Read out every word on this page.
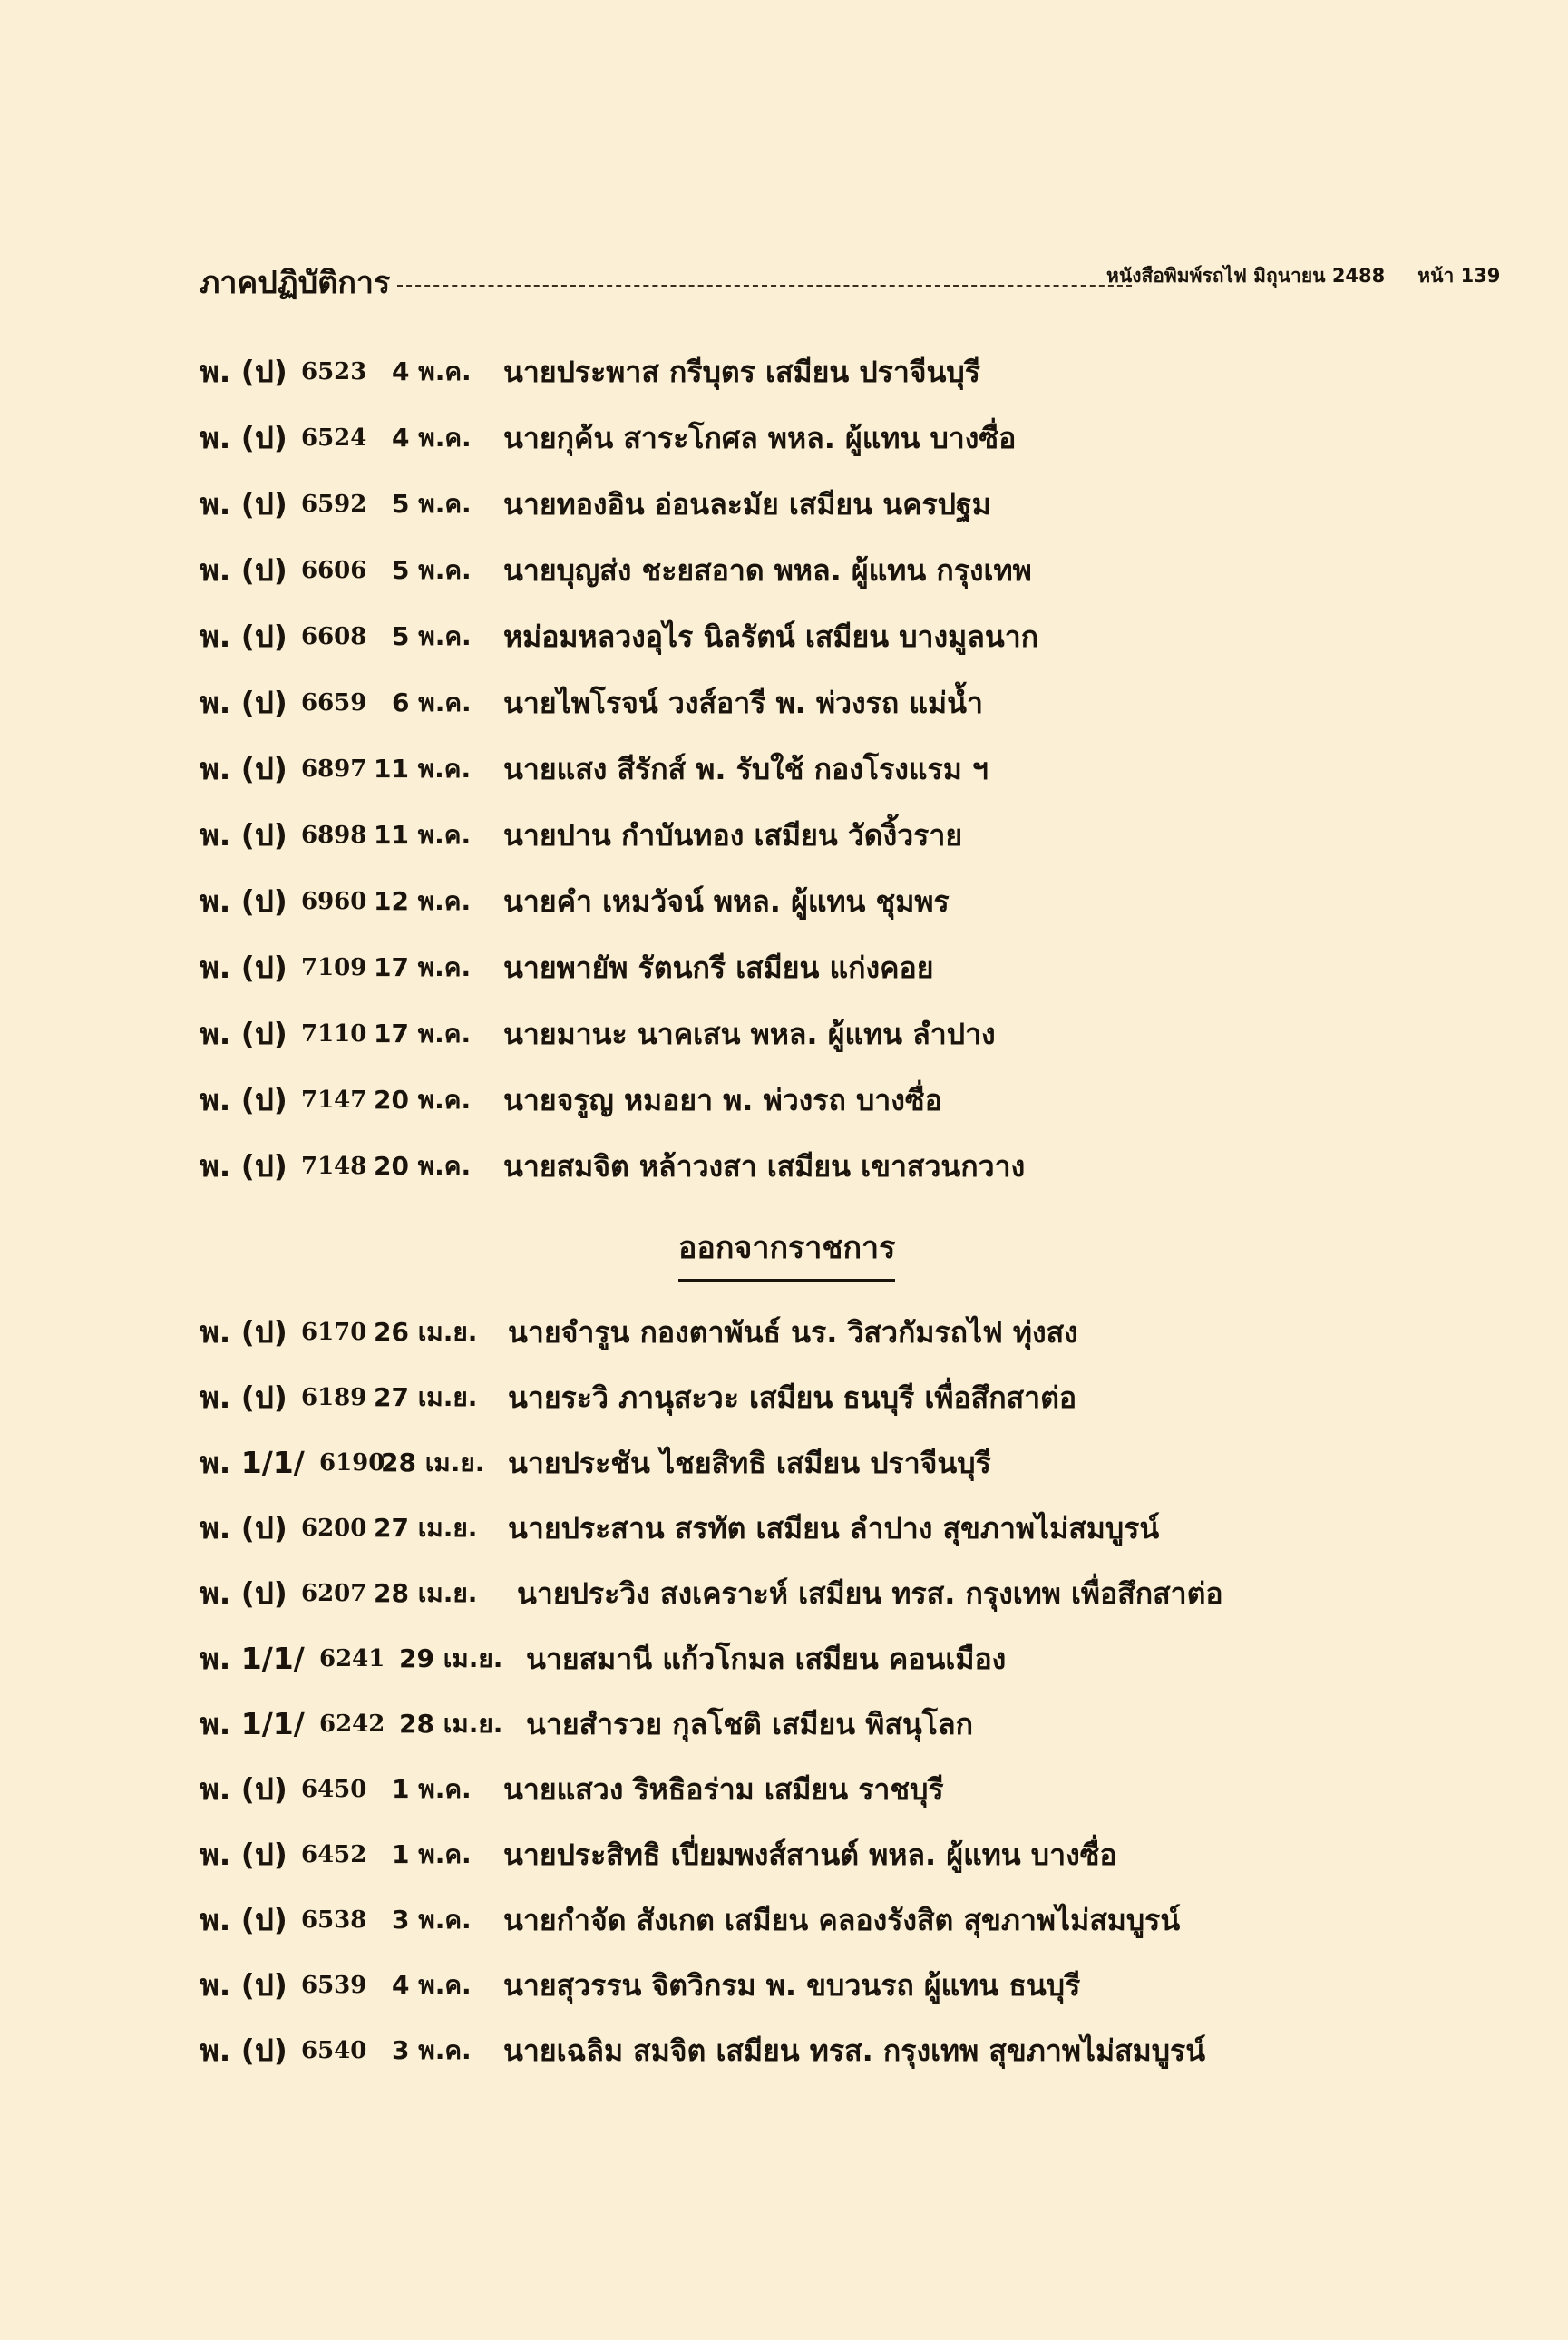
ภาคปฏิบัติการ	หนังสือพิมพ์รถไฟ มิถุนายน 2488 หน้า 139
พ. (ป) 6523 4 พ.ค. นายประพาส กรีบุตร เสมียน ปราจีนบุรี
พ. (ป) 6524 4 พ.ค. นายกุค้น สาระโกศล พหล. ผู้แทน บางซื่อ
พ. (ป) 6592 5 พ.ค. นายทองอิน อ่อนละมัย เสมียน นครปฐม
พ. (ป) 6606 5 พ.ค. นายบุญส่ง ชะยสอาด พหล. ผู้แทน กรุงเทพ
พ. (ป) 6608 5 พ.ค. หม่อมหลวงอุไร นิลรัตน์ เสมียน บางมูลนาก
พ. (ป) 6659 6 พ.ค. นายไพโรจน์ วงส์อารี พ. พ่วงรถ แม่น้ำ
พ. (ป) 6897 11 พ.ค. นายแสง สีรักส์ พ. รับใช้ กองโรงแรม ฯ
พ. (ป) 6898 11 พ.ค. นายปาน กำบันทอง เสมียน วัดงิ้วราย
พ. (ป) 6960 12 พ.ค. นายคำ เหมวัจน์ พหล. ผู้แทน ชุมพร
พ. (ป) 7109 17 พ.ค. นายพายัพ รัตนกรี เสมียน แก่งคอย
พ. (ป) 7110 17 พ.ค. นายมานะ นาคเสน พหล. ผู้แทน ลำปาง
พ. (ป) 7147 20 พ.ค. นายจรูญ หมอยา พ. พ่วงรถ บางซื่อ
พ. (ป) 7148 20 พ.ค. นายสมจิต หล้าวงสา เสมียน เขาสวนกวาง
ออกจากราชการ
พ. (ป) 6170 26 เม.ย. นายจำรูน กองตาพันธ์ นร. วิสวกัมรถไฟ ทุ่งสง
พ. (ป) 6189 27 เม.ย. นายระวิ ภานุสะวะ เสมียน ธนบุรี เพื่อสึกสาต่อ
พ. 1/1/ 6190
28 เม.ย. นายประชัน ไชยสิทธิ เสมียน ปราจีนบุรี
พ. (ป) 6200 27 เม.ย. นายประสาน สรทัต เสมียน ลำปาง สุขภาพไม่สมบูรน์
พ. (ป) 6207 28 เม.ย. นายประวิง สงเคราะห์ เสมียน ทรส. กรุงเทพ เพื่อสึกสาต่อ
พ. 1/1/ 6241 29 เม.ย. นายสมานี แก้วโกมล เสมียน คอนเมือง
พ. 1/1/ 6242 28 เม.ย. นายสำรวย กุลโชติ เสมียน พิสนุโลก
พ. (ป) 6450 1 พ.ค. นายแสวง ริหธิอร่าม เสมียน ราชบุรี
พ. (ป) 6452 1 พ.ค. นายประสิทธิ เปี่ยมพงส์สานต์ พหล. ผู้แทน บางซื่อ
พ. (ป) 6538 3 พ.ค. นายกำจัด สังเกต เสมียน คลองรังสิต สุขภาพไม่สมบูรน์
พ. (ป) 6539 4 พ.ค. นายสุวรรน จิตวิกรม พ. ขบวนรถ ผู้แทน ธนบุรี
พ. (ป) 6540 3 พ.ค. นายเฉลิม สมจิต เสมียน ทรส. กรุงเทพ สุขภาพไม่สมบูรน์
